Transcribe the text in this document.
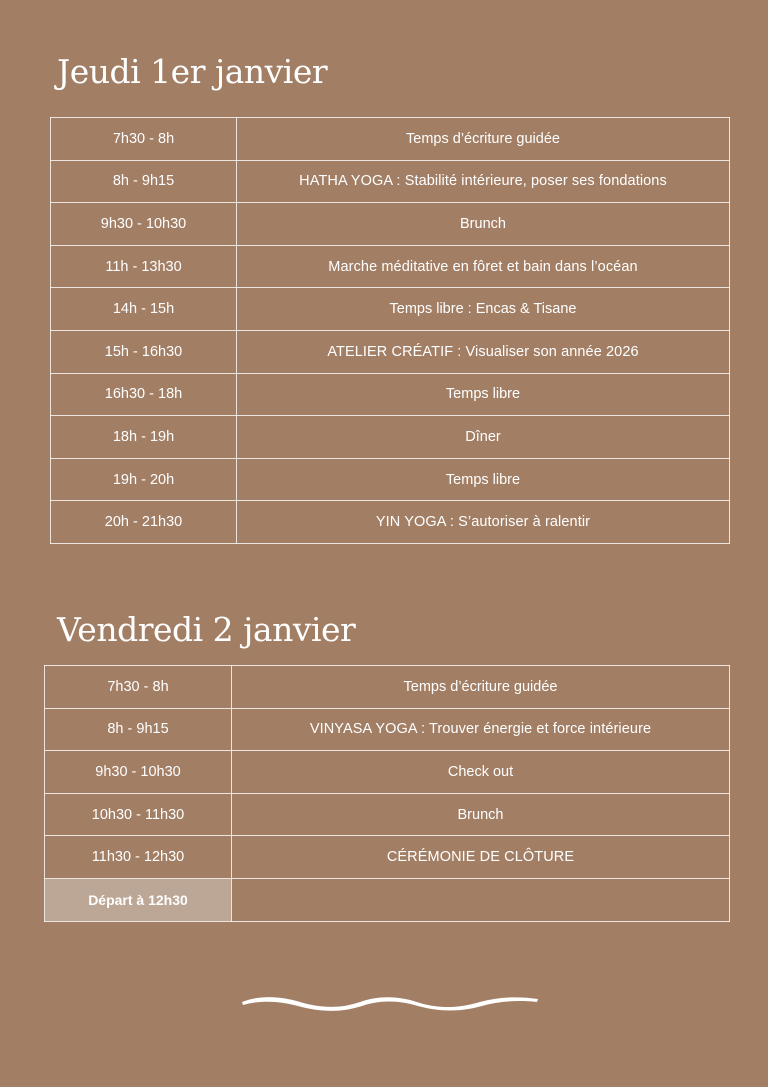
Jeudi 1er janvier
7h30 - 8h	Temps d’écriture guidée
8h - 9h15	HATHA YOGA : Stabilité intérieure, poser ses fondations
9h30 - 10h30	Brunch
11h - 13h30	Marche méditative en fôret et bain dans l’océan
14h - 15h	Temps libre : Encas & Tisane
15h - 16h30	ATELIER CRÉATIF : Visualiser son année 2026
16h30 - 18h	Temps libre
18h - 19h	Dîner
19h - 20h	Temps libre
20h - 21h30	YIN YOGA : S’autoriser à ralentir
Vendredi 2 janvier
7h30 - 8h	Temps d’écriture guidée
8h - 9h15	VINYASA YOGA : Trouver énergie et force intérieure
9h30 - 10h30	Check out
10h30 - 11h30	Brunch
11h30 - 12h30	CÉRÉMONIE DE CLÔTURE
Départ à 12h30	
